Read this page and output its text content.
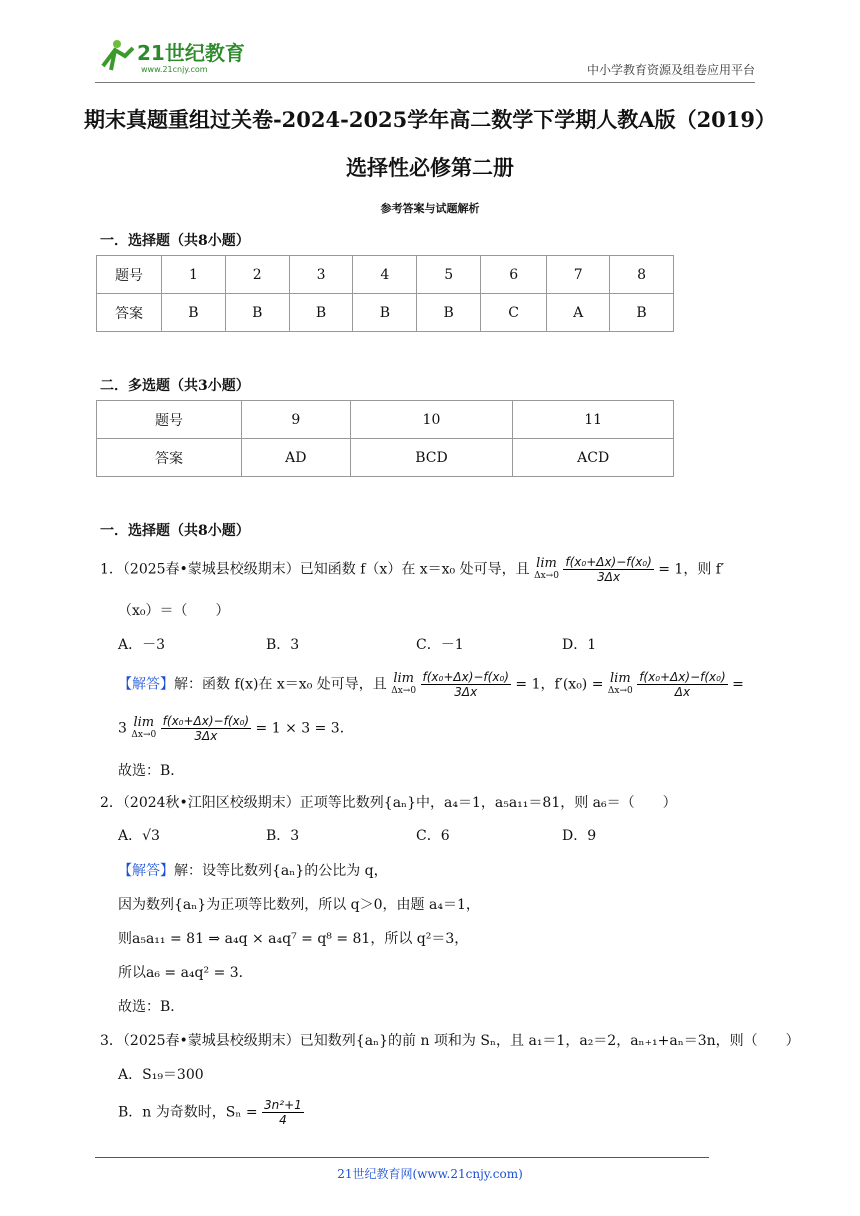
21世纪教育
www.21cnjy.com	中小学教育资源及组卷应用平台
期末真题重组过关卷-2024-2025学年高二数学下学期人教A版（2019）
选择性必修第二册
参考答案与试题解析
一．选择题（共8小题）
题号	1	2	3	4	5	6	7	8
答案	B	B	B	B	B	C	A	B
二．多选题（共3小题）
题号	9	10	11
答案	AD	BCD	ACD
一．选择题（共8小题）
1．（2025春•蒙城县校级期末）已知函数 f（x）在 x＝x₀ 处可导，且 lim
Δx→0
$\frac{\text{f(x₀+Δx)−f(x₀)}}{3\Delta x} = 1$，则 f′
（x₀）＝（　　）
A．－3	B．3	C．－1	D．1
【解答】解：函数 f(x)在 x＝x₀ 处可导，且 lim
Δx→0
$\frac{\text{f(x₀+Δx)−f(x₀)}}{3\Delta x} = 1$，f′(x₀) = lim
Δx→0
$\frac{\text{f(x₀+Δx)−f(x₀)}}{\Delta x}$ =
3 lim
Δx→0
$\frac{\text{f(x₀+Δx)−f(x₀)}}{3\Delta x} = 1 \times 3 = 3$．
故选：B．
2．（2024秋•江阳区校级期末）正项等比数列{aₙ}中，a₄＝1，a₅a₁₁＝81，则 a₆＝（　　）
A．√3	B．3	C．6	D．9
【解答】解：设等比数列{aₙ}的公比为 q，
因为数列{aₙ}为正项等比数列，所以 q＞0，由题 a₄＝1，
则a₅a₁₁ = 81 ⇒ a₄q × a₄q⁷ = q⁸ = 81，所以 q²＝3，
所以a₆ = a₄q² = 3．
故选：B．
3．（2025春•蒙城县校级期末）已知数列{aₙ}的前 n 项和为 Sₙ，且 a₁＝1，a₂＝2，aₙ₊₁+aₙ＝3n，则（　　）
A．S₁₉＝300
B．n 为奇数时，$S_n = \frac{\text{3n²+1}}{4}$
21世纪教育网(www.21cnjy.com)
